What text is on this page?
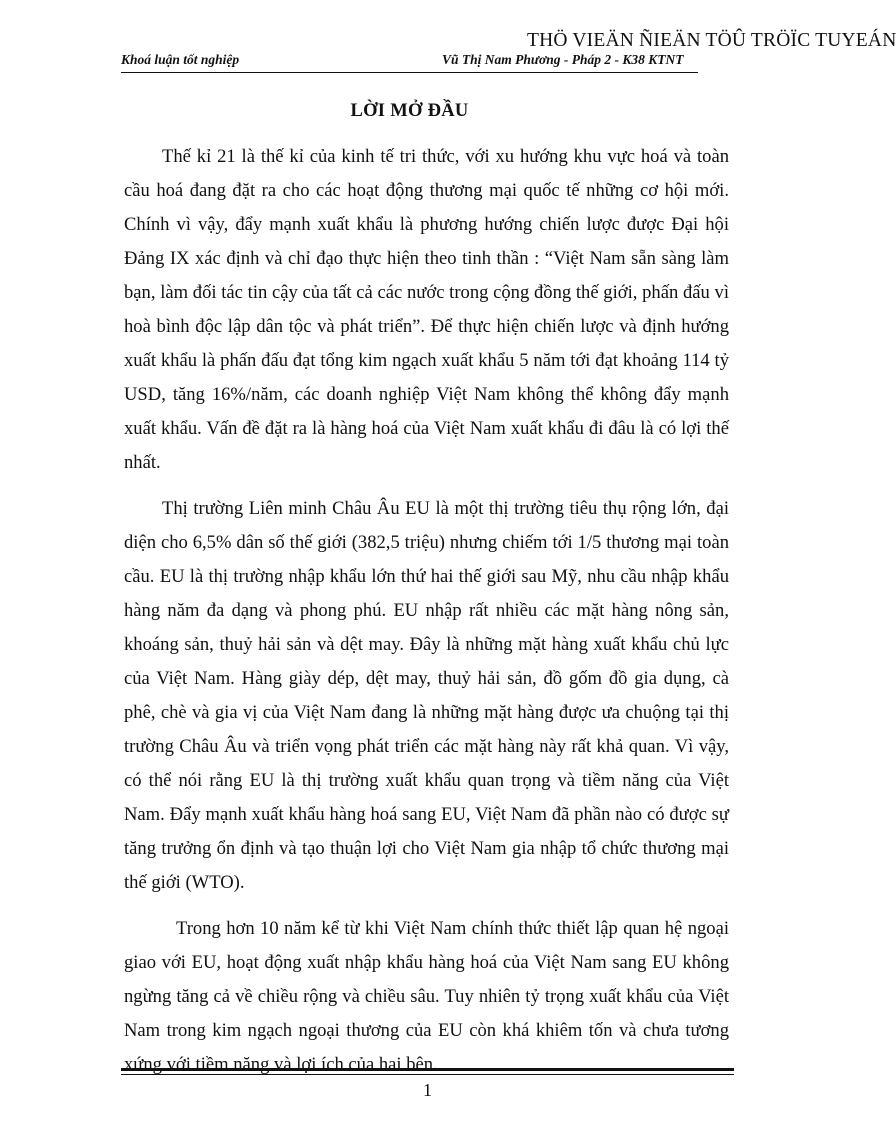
THÖ VIEÄN ÑIEÄN TÖÛ TRÖÏC TUYEÁN
Khoá luận tốt nghiệp	Vũ Thị Nam Phương - Pháp 2 - K38 KTNT
LỜI MỞ ĐẦU

Thế kỉ 21 là thế kỉ của kinh tế tri thức, với xu hướng khu vực hoá và toàn cầu hoá đang đặt ra cho các hoạt động thương mại quốc tế những cơ hội mới. Chính vì vậy, đẩy mạnh xuất khẩu là phương hướng chiến lược được Đại hội Đảng IX xác định và chỉ đạo thực hiện theo tinh thần : “Việt Nam sẵn sàng làm bạn, làm đối tác tin cậy của tất cả các nước trong cộng đồng thế giới, phấn đấu vì hoà bình độc lập dân tộc và phát triển”. Để thực hiện chiến lược và định hướng xuất khẩu là phấn đấu đạt tổng kim ngạch xuất khẩu 5 năm tới đạt khoảng 114 tỷ USD, tăng 16%/năm, các doanh nghiệp Việt Nam không thể không đẩy mạnh xuất khẩu. Vấn đề đặt ra là hàng hoá của Việt Nam xuất khẩu đi đâu là có lợi thế nhất.

Thị trường Liên minh Châu Âu EU là một thị trường tiêu thụ rộng lớn, đại diện cho 6,5% dân số thế giới (382,5 triệu) nhưng chiếm tới 1/5 thương mại toàn cầu. EU là thị trường nhập khẩu lớn thứ hai thế giới sau Mỹ, nhu cầu nhập khẩu hàng năm đa dạng và phong phú. EU nhập rất nhiều các mặt hàng nông sản, khoáng sản, thuỷ hải sản và dệt may. Đây là những mặt hàng xuất khẩu chủ lực của Việt Nam. Hàng giày dép, dệt may, thuỷ hải sản, đồ gốm đồ gia dụng, cà phê, chè và gia vị của Việt Nam đang là những mặt hàng được ưa chuộng tại thị trường Châu Âu và triển vọng phát triển các mặt hàng này rất khả quan. Vì vậy, có thể nói rằng EU là thị trường xuất khẩu quan trọng và tiềm năng của Việt Nam. Đẩy mạnh xuất khẩu hàng hoá sang EU, Việt Nam đã phần nào có được sự tăng trưởng ổn định và tạo thuận lợi cho Việt Nam gia nhập tổ chức thương mại thế giới (WTO).

Trong hơn 10 năm kể từ khi Việt Nam chính thức thiết lập quan hệ ngoại giao với EU, hoạt động xuất nhập khẩu hàng hoá của Việt Nam sang EU không ngừng tăng cả về chiều rộng và chiều sâu. Tuy nhiên tỷ trọng xuất khẩu của Việt Nam trong kim ngạch ngoại thương của EU còn khá khiêm tốn và chưa tương xứng với tiềm năng và lợi ích của hai bên.

1
